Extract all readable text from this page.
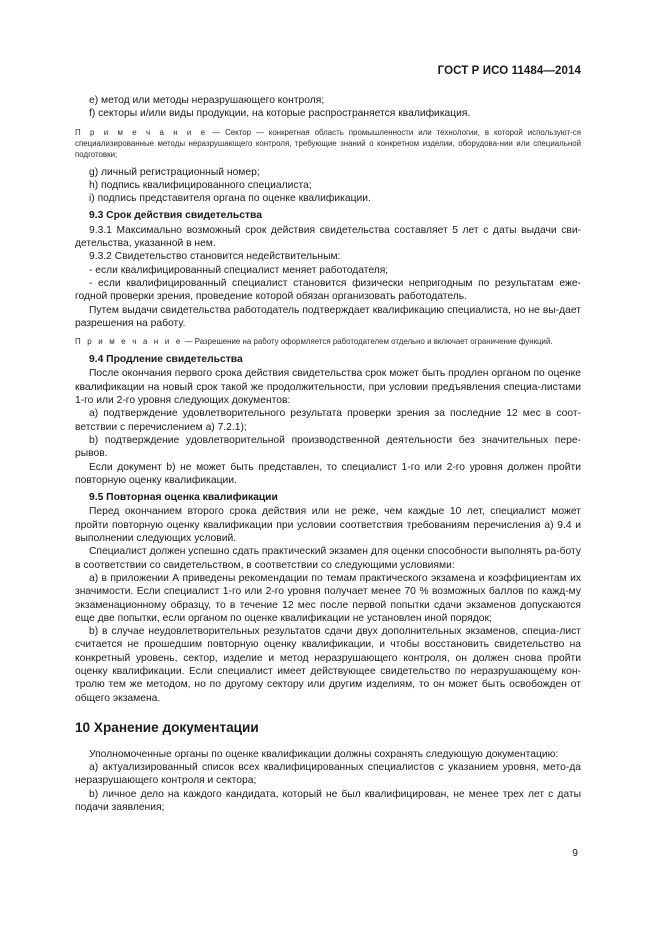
ГОСТ Р ИСО 11484—2014

e) метод или методы неразрушающего контроля;

f) секторы и/или виды продукции, на которые распространяется квалификация.

П р и м е ч а н и е — Сектор — конкретная область промышленности или технологии, в которой используют-ся специализированные методы неразрушающего контроля, требующие знаний о конкретном изделии, оборудова-нии или специальной подготовки;

g) личный регистрационный номер;

h) подпись квалифицированного специалиста;

i) подпись представителя органа по оценке квалификации.

9.3 Срок действия свидетельства

9.3.1 Максимально возможный срок действия свидетельства составляет 5 лет с даты выдачи сви-детельства, указанной в нем.

9.3.2 Свидетельство становится недействительным:

- если квалифицированный специалист меняет работодателя;

- если квалифицированный специалист становится физически непригодным по результатам еже-годной проверки зрения, проведение которой обязан организовать работодатель.

Путем выдачи свидетельства работодатель подтверждает квалификацию специалиста, но не вы-дает разрешения на работу.

П р и м е ч а н и е — Разрешение на работу оформляется работодателем отдельно и включает ограничение функций.

9.4 Продление свидетельства

После окончания первого срока действия свидетельства срок может быть продлен органом по оценке квалификации на новый срок такой же продолжительности, при условии предъявления специа-листами 1-го или 2-го уровня следующих документов:

a) подтверждение удовлетворительного результата проверки зрения за последние 12 мес в соот-ветствии с перечислением а) 7.2.1);

b) подтверждение удовлетворительной производственной деятельности без значительных пере-рывов.

Если документ b) не может быть представлен, то специалист 1-го или 2-го уровня должен пройти повторную оценку квалификации.

9.5 Повторная оценка квалификации

Перед окончанием второго срока действия или не реже, чем каждые 10 лет, специалист может пройти повторную оценку квалификации при условии соответствия требованиям перечисления а) 9.4 и выполнении следующих условий.

Специалист должен успешно сдать практический экзамен для оценки способности выполнять ра-боту в соответствии со свидетельством, в соответствии со следующими условиями:

a) в приложении А приведены рекомендации по темам практического экзамена и коэффициентам их значимости. Если специалист 1-го или 2-го уровня получает менее 70 % возможных баллов по кажд-му экзаменационному образцу, то в течение 12 мес после первой попытки сдачи экзаменов допускаются еще две попытки, если органом по оценке квалификации не установлен иной порядок;

b) в случае неудовлетворительных результатов сдачи двух дополнительных экзаменов, специа-лист считается не прошедшим повторную оценку квалификации, и чтобы восстановить свидетельство на конкретный уровень, сектор, изделие и метод неразрушающего контроля, он должен снова пройти оценку квалификации. Если специалист имеет действующее свидетельство по неразрушающему кон-тролю тем же методом, но по другому сектору или другим изделиям, то он может быть освобожден от общего экзамена.

10 Хранение документации

Уполномоченные органы по оценке квалификации должны сохранять следующую документацию:

a) актуализированный список всех квалифицированных специалистов с указанием уровня, мето-да неразрушающего контроля и сектора;

b) личное дело на каждого кандидата, который не был квалифицирован, не менее трех лет с даты подачи заявления;

9
